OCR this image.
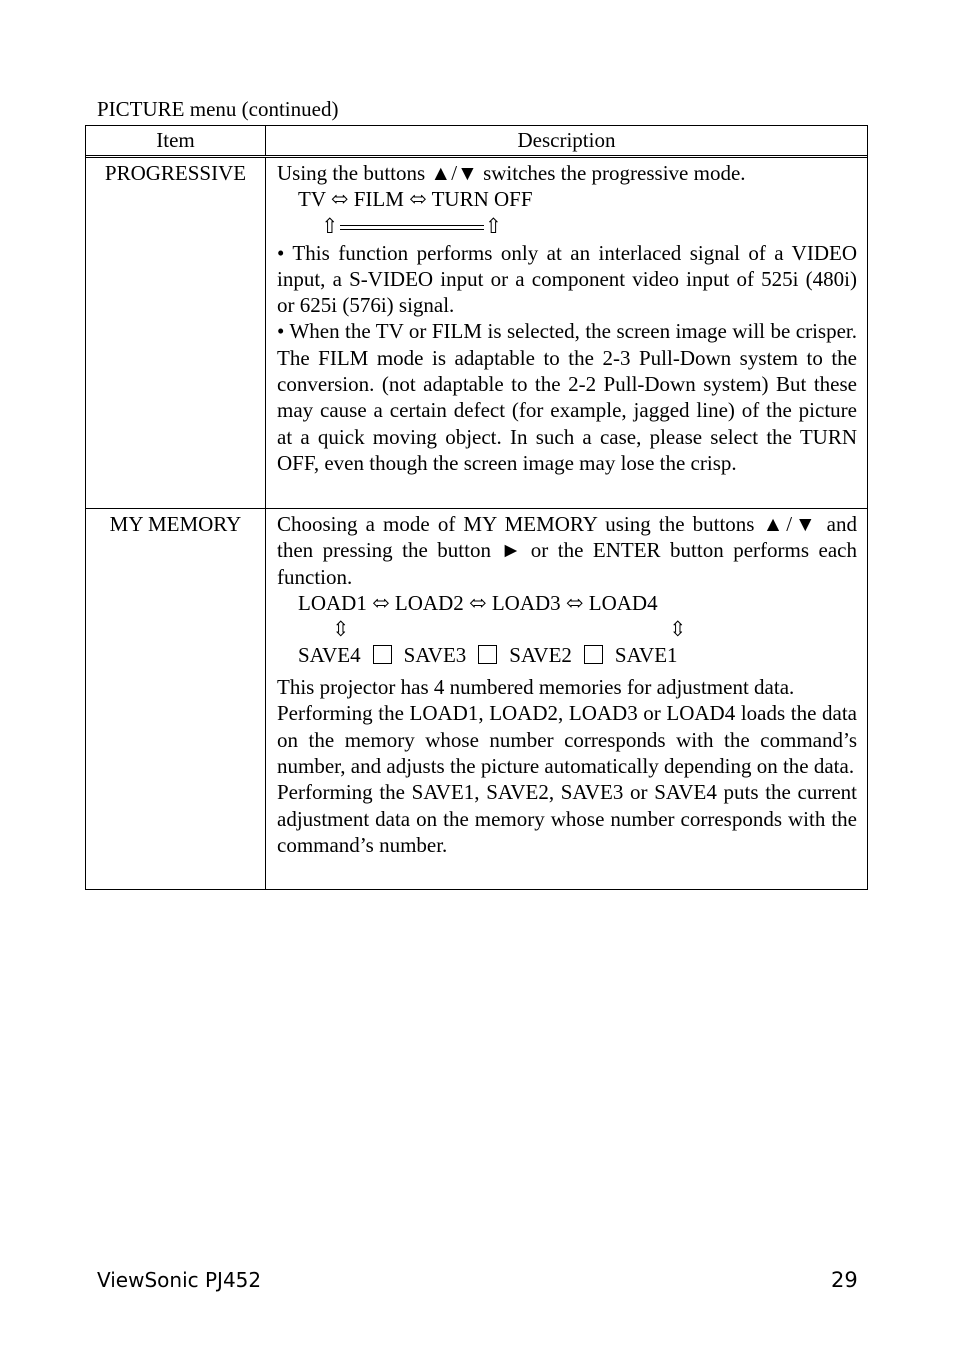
PICTURE menu (continued)
Item	Description
PROGRESSIVE	Using the buttons ▲/▼ switches the progressive mode.
TV ⬄ FILM ⬄ TURN OFF
⇧	⇧
• This function performs only at an interlaced signal of a VIDEO input, a S-VIDEO input or a component video input of 525i (480i) or 625i (576i) signal.
• When the TV or FILM is selected, the screen image will be crisper. The FILM mode is adaptable to the 2-3 Pull-Down system to the conversion. (not adaptable to the 2-2 Pull-Down system) But these may cause a certain defect (for example, jagged line) of the picture at a quick moving object. In such a case, please select the TURN OFF, even though the screen image may lose the crisp.
MY MEMORY	Choosing a mode of MY MEMORY using the buttons ▲/▼ and then pressing the button ► or the ENTER button performs each function.
LOAD1 ⬄ LOAD2 ⬄ LOAD3 ⬄ LOAD4
⇳	⇳
SAVE4 SAVE3 SAVE2 SAVE1
This projector has 4 numbered memories for adjustment data.
Performing the LOAD1, LOAD2, LOAD3 or LOAD4 loads the data on the memory whose number corresponds with the command’s number, and adjusts the picture automatically depending on the data.
Performing the SAVE1, SAVE2, SAVE3 or SAVE4 puts the current adjustment data on the memory whose number corresponds with the command’s number.
ViewSonic PJ452	29
